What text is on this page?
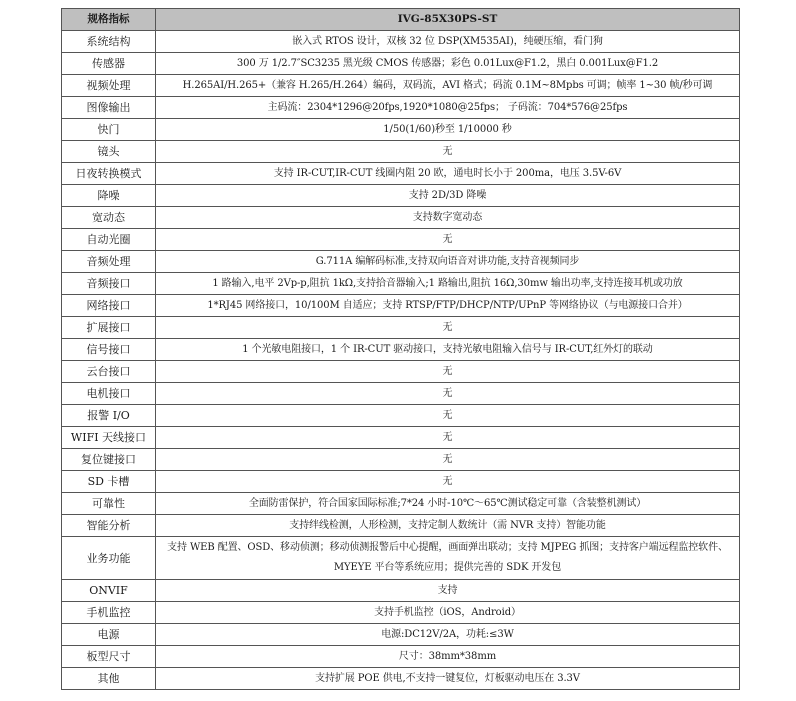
规格指标	IVG-85X30PS-ST
系统结构	嵌入式 RTOS 设计，双核 32 位 DSP(XM535AI)，纯硬压缩，看门狗
传感器	300 万 1/2.7″SC3235 黑光级 CMOS 传感器；彩色 0.01Lux@F1.2，黑白 0.001Lux@F1.2
视频处理	H.265AI/H.265+（兼容 H.265/H.264）编码，双码流，AVI 格式；码流 0.1M~8Mpbs 可调；帧率 1~30 帧/秒可调
图像输出	主码流：2304*1296@20fps,1920*1080@25fps； 子码流：704*576@25fps
快门	1/50(1/60)秒至 1/10000 秒
镜头	无
日夜转换模式	支持 IR-CUT,IR-CUT 线圈内阻 20 欧，通电时长小于 200ma，电压 3.5V-6V
降噪	支持 2D/3D 降噪
宽动态	支持数字宽动态
自动光圈	无
音频处理	G.711A 编解码标准,支持双向语音对讲功能,支持音视频同步
音频接口	1 路输入,电平 2Vp-p,阻抗 1kΩ,支持拾音器输入;1 路输出,阻抗 16Ω,30mw 输出功率,支持连接耳机或功放
网络接口	1*RJ45 网络接口，10/100M 自适应；支持 RTSP/FTP/DHCP/NTP/UPnP 等网络协议（与电源接口合并）
扩展接口	无
信号接口	1 个光敏电阻接口，1 个 IR-CUT 驱动接口，支持光敏电阻输入信号与 IR-CUT,红外灯的联动
云台接口	无
电机接口	无
报警 I/O	无
WIFI 天线接口	无
复位键接口	无
SD 卡槽	无
可靠性	全面防雷保护，符合国家国际标准;7*24 小时-10℃～65℃测试稳定可靠（含装整机测试）
智能分析	支持绊线检测，人形检测，支持定制人数统计（需 NVR 支持）智能功能
业务功能	支持 WEB 配置、OSD、移动侦测；移动侦测报警后中心提醒，画面弹出联动；支持 MJPEG 抓图；支持客户端远程监控软件、MYEYE 平台等系统应用；提供完善的 SDK 开发包
ONVIF	支持
手机监控	支持手机监控（iOS，Android）
电源	电源:DC12V/2A，功耗:≤3W
板型尺寸	尺寸：38mm*38mm
其他	支持扩展 POE 供电,不支持一键复位，灯板驱动电压在 3.3V
